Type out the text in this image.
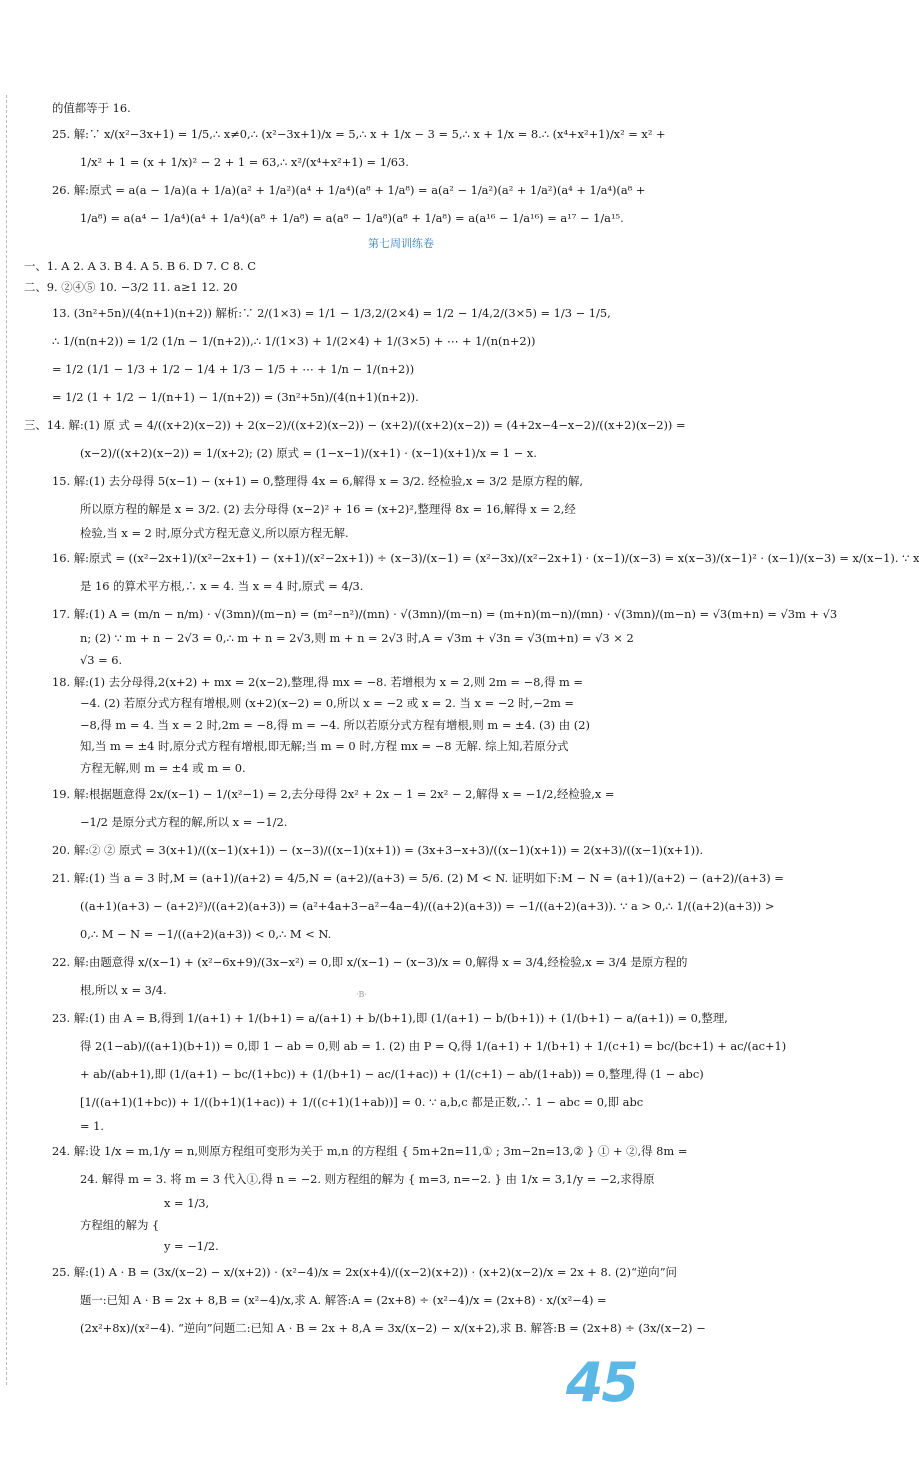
的值都等于 16.
25. 解:∵ x/(x²−3x+1) = 1/5,∴ x≠0,∴ (x²−3x+1)/x = 5,∴ x + 1/x − 3 = 5,∴ x + 1/x = 8.∴ (x⁴+x²+1)/x² = x² +
1/x² + 1 = (x + 1/x)² − 2 + 1 = 63,∴ x²/(x⁴+x²+1) = 1/63.
26. 解:原式 = a(a − 1/a)(a + 1/a)(a² + 1/a²)(a⁴ + 1/a⁴)(a⁸ + 1/a⁸) = a(a² − 1/a²)(a² + 1/a²)(a⁴ + 1/a⁴)(a⁸ +
1/a⁸) = a(a⁴ − 1/a⁴)(a⁴ + 1/a⁴)(a⁸ + 1/a⁸) = a(a⁸ − 1/a⁸)(a⁸ + 1/a⁸) = a(a¹⁶ − 1/a¹⁶) = a¹⁷ − 1/a¹⁵.
第七周训练卷
一、1. A 2. A 3. B 4. A 5. B 6. D 7. C 8. C
二、9. ②④⑤ 10. −3/2 11. a≥1 12. 20
13. (3n²+5n)/(4(n+1)(n+2)) 解析:∵ 2/(1×3) = 1/1 − 1/3,2/(2×4) = 1/2 − 1/4,2/(3×5) = 1/3 − 1/5,
∴ 1/(n(n+2)) = 1/2 (1/n − 1/(n+2)),∴ 1/(1×3) + 1/(2×4) + 1/(3×5) + ⋯ + 1/(n(n+2))
= 1/2 (1/1 − 1/3 + 1/2 − 1/4 + 1/3 − 1/5 + ⋯ + 1/n − 1/(n+2))
= 1/2 (1 + 1/2 − 1/(n+1) − 1/(n+2)) = (3n²+5n)/(4(n+1)(n+2)).
三、14. 解:(1) 原 式 = 4/((x+2)(x−2)) + 2(x−2)/((x+2)(x−2)) − (x+2)/((x+2)(x−2)) = (4+2x−4−x−2)/((x+2)(x−2)) =
(x−2)/((x+2)(x−2)) = 1/(x+2); (2) 原式 = (1−x−1)/(x+1) · (x−1)(x+1)/x = 1 − x.
15. 解:(1) 去分母得 5(x−1) − (x+1) = 0,整理得 4x = 6,解得 x = 3/2. 经检验,x = 3/2 是原方程的解,
所以原方程的解是 x = 3/2. (2) 去分母得 (x−2)² + 16 = (x+2)²,整理得 8x = 16,解得 x = 2,经
检验,当 x = 2 时,原分式方程无意义,所以原方程无解.
16. 解:原式 = ((x²−2x+1)/(x²−2x+1) − (x+1)/(x²−2x+1)) ÷ (x−3)/(x−1) = (x²−3x)/(x²−2x+1) · (x−1)/(x−3) = x(x−3)/(x−1)² · (x−1)/(x−3) = x/(x−1). ∵ x
是 16 的算术平方根,∴ x = 4. 当 x = 4 时,原式 = 4/3.
17. 解:(1) A = (m/n − n/m) · √(3mn)/(m−n) = (m²−n²)/(mn) · √(3mn)/(m−n) = (m+n)(m−n)/(mn) · √(3mn)/(m−n) = √3(m+n) = √3m + √3
n; (2) ∵ m + n − 2√3 = 0,∴ m + n = 2√3,则 m + n = 2√3 时,A = √3m + √3n = √3(m+n) = √3 × 2
√3 = 6.
18. 解:(1) 去分母得,2(x+2) + mx = 2(x−2),整理,得 mx = −8. 若增根为 x = 2,则 2m = −8,得 m =
−4. (2) 若原分式方程有增根,则 (x+2)(x−2) = 0,所以 x = −2 或 x = 2. 当 x = −2 时,−2m =
−8,得 m = 4. 当 x = 2 时,2m = −8,得 m = −4. 所以若原分式方程有增根,则 m = ±4. (3) 由 (2)
知,当 m = ±4 时,原分式方程有增根,即无解;当 m = 0 时,方程 mx = −8 无解. 综上知,若原分式
方程无解,则 m = ±4 或 m = 0.
19. 解:根据题意得 2x/(x−1) − 1/(x²−1) = 2,去分母得 2x² + 2x − 1 = 2x² − 2,解得 x = −1/2,经检验,x =
−1/2 是原分式方程的解,所以 x = −1/2.
20. 解:② ② 原式 = 3(x+1)/((x−1)(x+1)) − (x−3)/((x−1)(x+1)) = (3x+3−x+3)/((x−1)(x+1)) = 2(x+3)/((x−1)(x+1)).
21. 解:(1) 当 a = 3 时,M = (a+1)/(a+2) = 4/5,N = (a+2)/(a+3) = 5/6. (2) M < N. 证明如下:M − N = (a+1)/(a+2) − (a+2)/(a+3) =
((a+1)(a+3) − (a+2)²)/((a+2)(a+3)) = (a²+4a+3−a²−4a−4)/((a+2)(a+3)) = −1/((a+2)(a+3)). ∵ a > 0,∴ 1/((a+2)(a+3)) >
0,∴ M − N = −1/((a+2)(a+3)) < 0,∴ M < N.
22. 解:由题意得 x/(x−1) + (x²−6x+9)/(3x−x²) = 0,即 x/(x−1) − (x−3)/x = 0,解得 x = 3/4,经检验,x = 3/4 是原方程的
根,所以 x = 3/4.
23. 解:(1) 由 A = B,得到 1/(a+1) + 1/(b+1) = a/(a+1) + b/(b+1),即 (1/(a+1) − b/(b+1)) + (1/(b+1) − a/(a+1)) = 0,整理,
得 2(1−ab)/((a+1)(b+1)) = 0,即 1 − ab = 0,则 ab = 1. (2) 由 P = Q,得 1/(a+1) + 1/(b+1) + 1/(c+1) = bc/(bc+1) + ac/(ac+1)
+ ab/(ab+1),即 (1/(a+1) − bc/(1+bc)) + (1/(b+1) − ac/(1+ac)) + (1/(c+1) − ab/(1+ab)) = 0,整理,得 (1 − abc)
[1/((a+1)(1+bc)) + 1/((b+1)(1+ac)) + 1/((c+1)(1+ab))] = 0. ∵ a,b,c 都是正数,∴ 1 − abc = 0,即 abc
= 1.
24. 解:设 1/x = m,1/y = n,则原方程组可变形为关于 m,n 的方程组 { 5m+2n=11,① ; 3m−2n=13,② } ① + ②,得 8m =
24. 解得 m = 3. 将 m = 3 代入①,得 n = −2. 则方程组的解为 { m=3, n=−2. } 由 1/x = 3,1/y = −2,求得原
x = 1/3,
方程组的解为 {
y = −1/2.
25. 解:(1) A · B = (3x/(x−2) − x/(x+2)) · (x²−4)/x = 2x(x+4)/((x−2)(x+2)) · (x+2)(x−2)/x = 2x + 8. (2)“逆向”问
题一:已知 A · B = 2x + 8,B = (x²−4)/x,求 A. 解答:A = (2x+8) ÷ (x²−4)/x = (2x+8) · x/(x²−4) =
(2x²+8x)/(x²−4). “逆向”问题二:已知 A · B = 2x + 8,A = 3x/(x−2) − x/(x+2),求 B. 解答:B = (2x+8) ÷ (3x/(x−2) −
·B·
45
